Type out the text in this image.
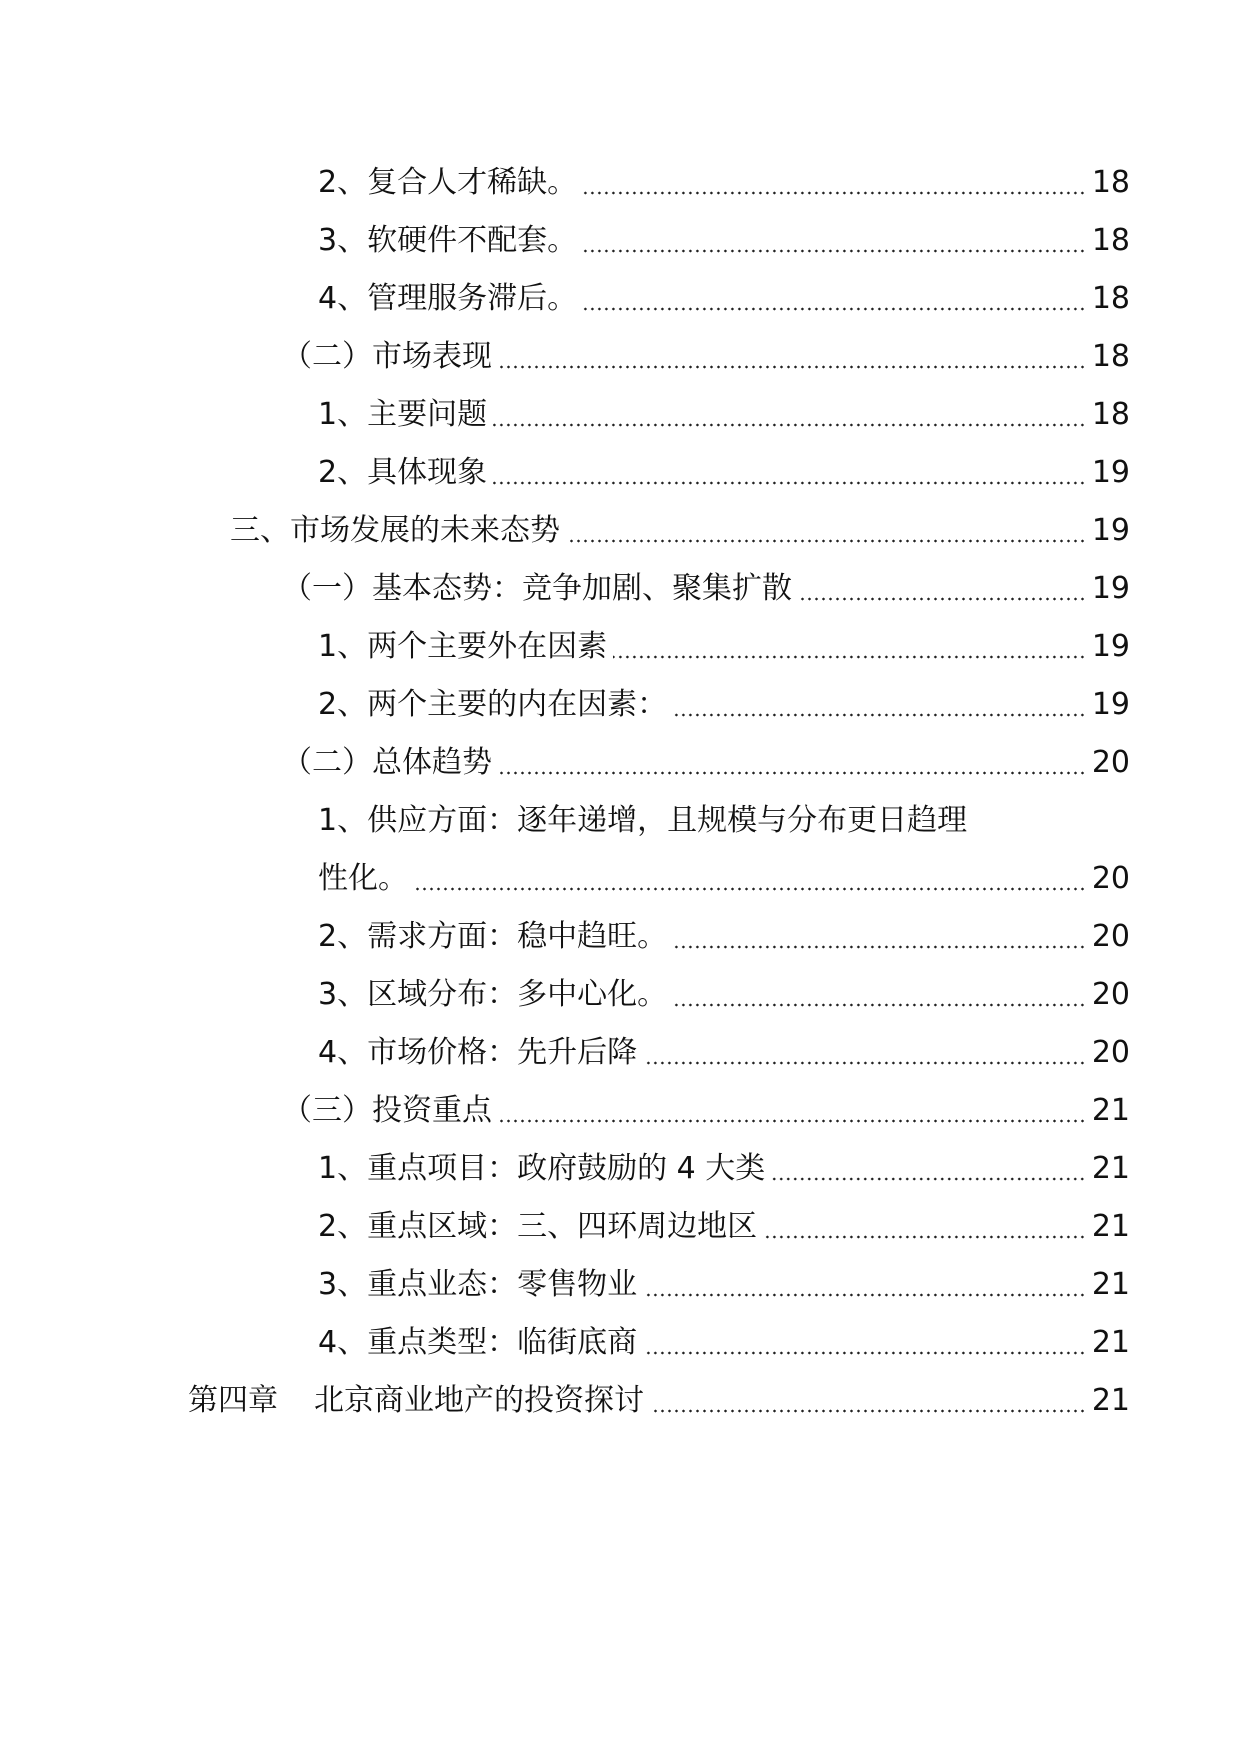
2、复合人才稀缺。	18
3、软硬件不配套。	18
4、管理服务滞后。	18
（二）市场表现	18
1、主要问题	18
2、具体现象	19
三、市场发展的未来态势	19
（一）基本态势：竞争加剧、聚集扩散	19
1、两个主要外在因素	19
2、两个主要的内在因素：	19
（二）总体趋势	20
1、供应方面：逐年递增，且规模与分布更日趋理
性化。	20
2、需求方面：稳中趋旺。	20
3、区域分布：多中心化。	20
4、市场价格：先升后降	20
（三）投资重点	21
1、重点项目：政府鼓励的 4 大类	21
2、重点区域：三、四环周边地区	21
3、重点业态：零售物业	21
4、重点类型：临街底商	21
第四章 北京商业地产的投资探讨	21
